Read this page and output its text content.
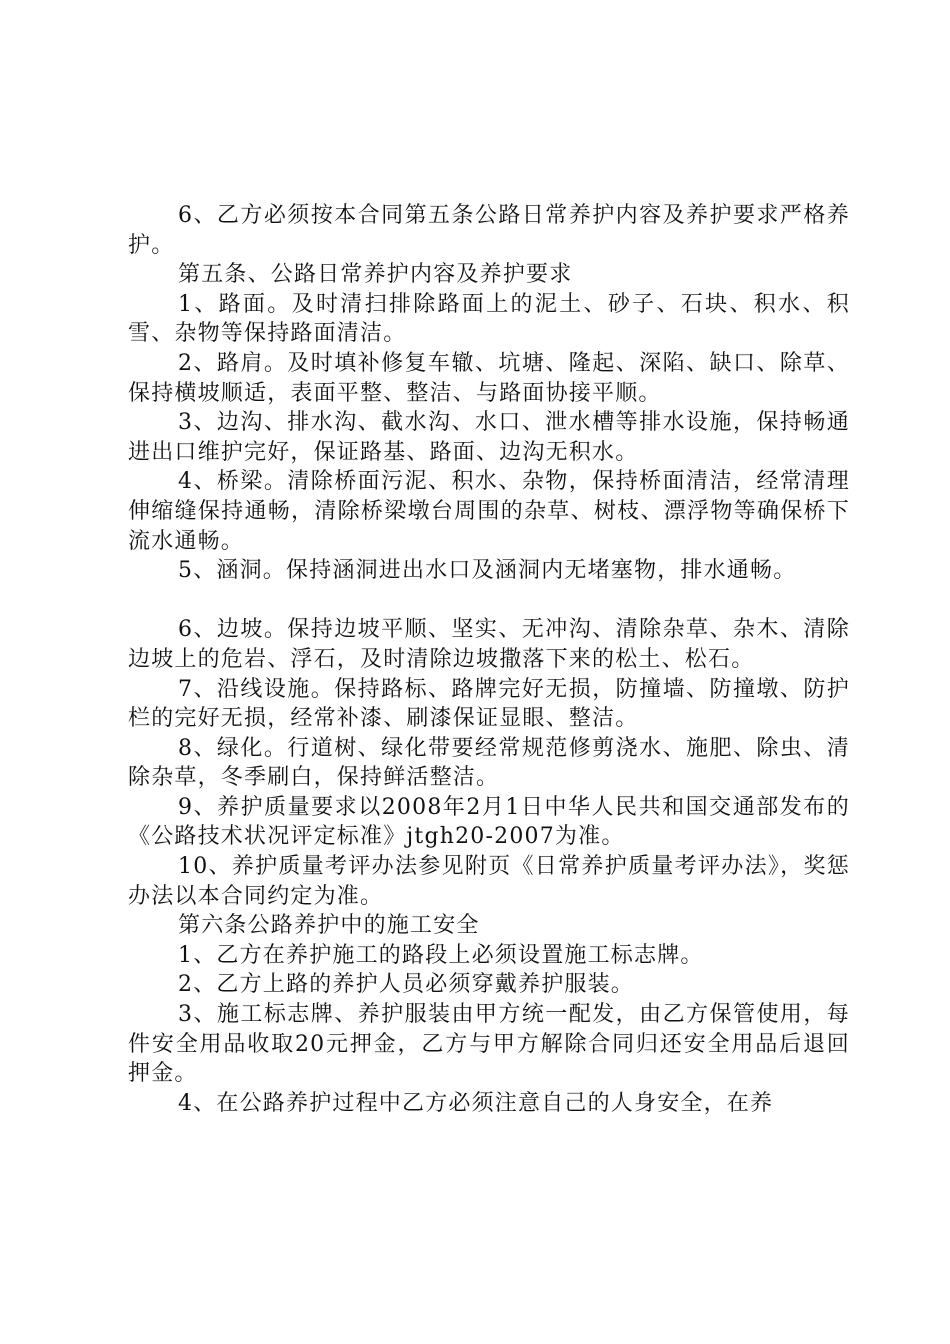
6、乙方必须按本合同第五条公路日常养护内容及养护要求严格养护。

第五条、公路日常养护内容及养护要求

1、路面。及时清扫排除路面上的泥土、砂子、石块、积水、积雪、杂物等保持路面清洁。

2、路肩。及时填补修复车辙、坑塘、隆起、深陷、缺口、除草、保持横坡顺适，表面平整、整洁、与路面协接平顺。

3、边沟、排水沟、截水沟、水口、泄水槽等排水设施，保持畅通进出口维护完好，保证路基、路面、边沟无积水。

4、桥梁。清除桥面污泥、积水、杂物，保持桥面清洁，经常清理伸缩缝保持通畅，清除桥梁墩台周围的杂草、树枝、漂浮物等确保桥下流水通畅。

5、涵洞。保持涵洞进出水口及涵洞内无堵塞物，排水通畅。

6、边坡。保持边坡平顺、坚实、无冲沟、清除杂草、杂木、清除边坡上的危岩、浮石，及时清除边坡撒落下来的松土、松石。

7、沿线设施。保持路标、路牌完好无损，防撞墙、防撞墩、防护栏的完好无损，经常补漆、刷漆保证显眼、整洁。

8、绿化。行道树、绿化带要经常规范修剪浇水、施肥、除虫、清除杂草，冬季刷白，保持鲜活整洁。

9、养护质量要求以2008年2月1日中华人民共和国交通部发布的《公路技术状况评定标准》jtgh20-2007为准。

10、养护质量考评办法参见附页《日常养护质量考评办法》，奖惩办法以本合同约定为准。

第六条公路养护中的施工安全

1、乙方在养护施工的路段上必须设置施工标志牌。

2、乙方上路的养护人员必须穿戴养护服装。

3、施工标志牌、养护服装由甲方统一配发，由乙方保管使用，每件安全用品收取20元押金，乙方与甲方解除合同归还安全用品后退回押金。

4、在公路养护过程中乙方必须注意自己的人身安全，在养
